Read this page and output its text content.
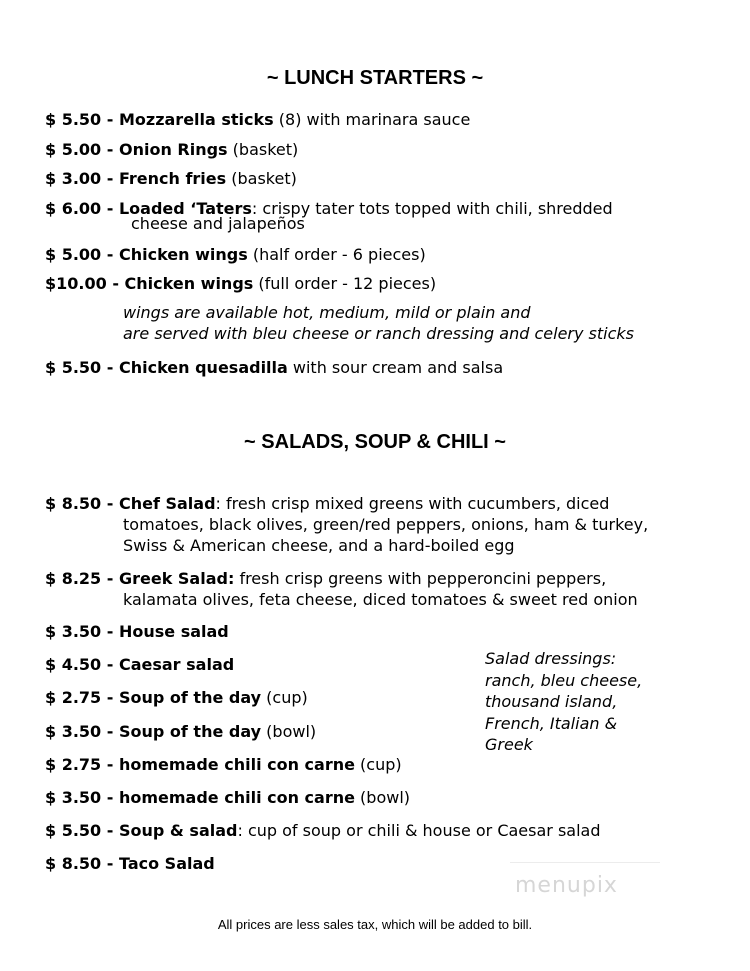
~ LUNCH STARTERS ~
$ 5.50 - Mozzarella sticks (8) with marinara sauce
$ 5.00 - Onion Rings (basket)
$ 3.00 - French fries (basket)
$ 6.00 - Loaded ‘Taters: crispy tater tots topped with chili, shredded
cheese and jalapeños
$ 5.00 - Chicken wings (half order - 6 pieces)
$10.00 - Chicken wings (full order - 12 pieces)
wings are available hot, medium, mild or plain and
are served with bleu cheese or ranch dressing and celery sticks
$ 5.50 - Chicken quesadilla with sour cream and salsa
~ SALADS, SOUP & CHILI ~
$ 8.50 - Chef Salad: fresh crisp mixed greens with cucumbers, diced
tomatoes, black olives, green/red peppers, onions, ham & turkey,
Swiss & American cheese, and a hard-boiled egg
$ 8.25 - Greek Salad: fresh crisp greens with pepperoncini peppers,
kalamata olives, feta cheese, diced tomatoes & sweet red onion
$ 3.50 - House salad
$ 4.50 - Caesar salad
$ 2.75 - Soup of the day (cup)
$ 3.50 - Soup of the day (bowl)
$ 2.75 - homemade chili con carne (cup)
$ 3.50 - homemade chili con carne (bowl)
$ 5.50 - Soup & salad: cup of soup or chili & house or Caesar salad
$ 8.50 - Taco Salad
Salad dressings:
ranch, bleu cheese,
thousand island,
French, Italian &
Greek
menupix
All prices are less sales tax, which will be added to bill.
